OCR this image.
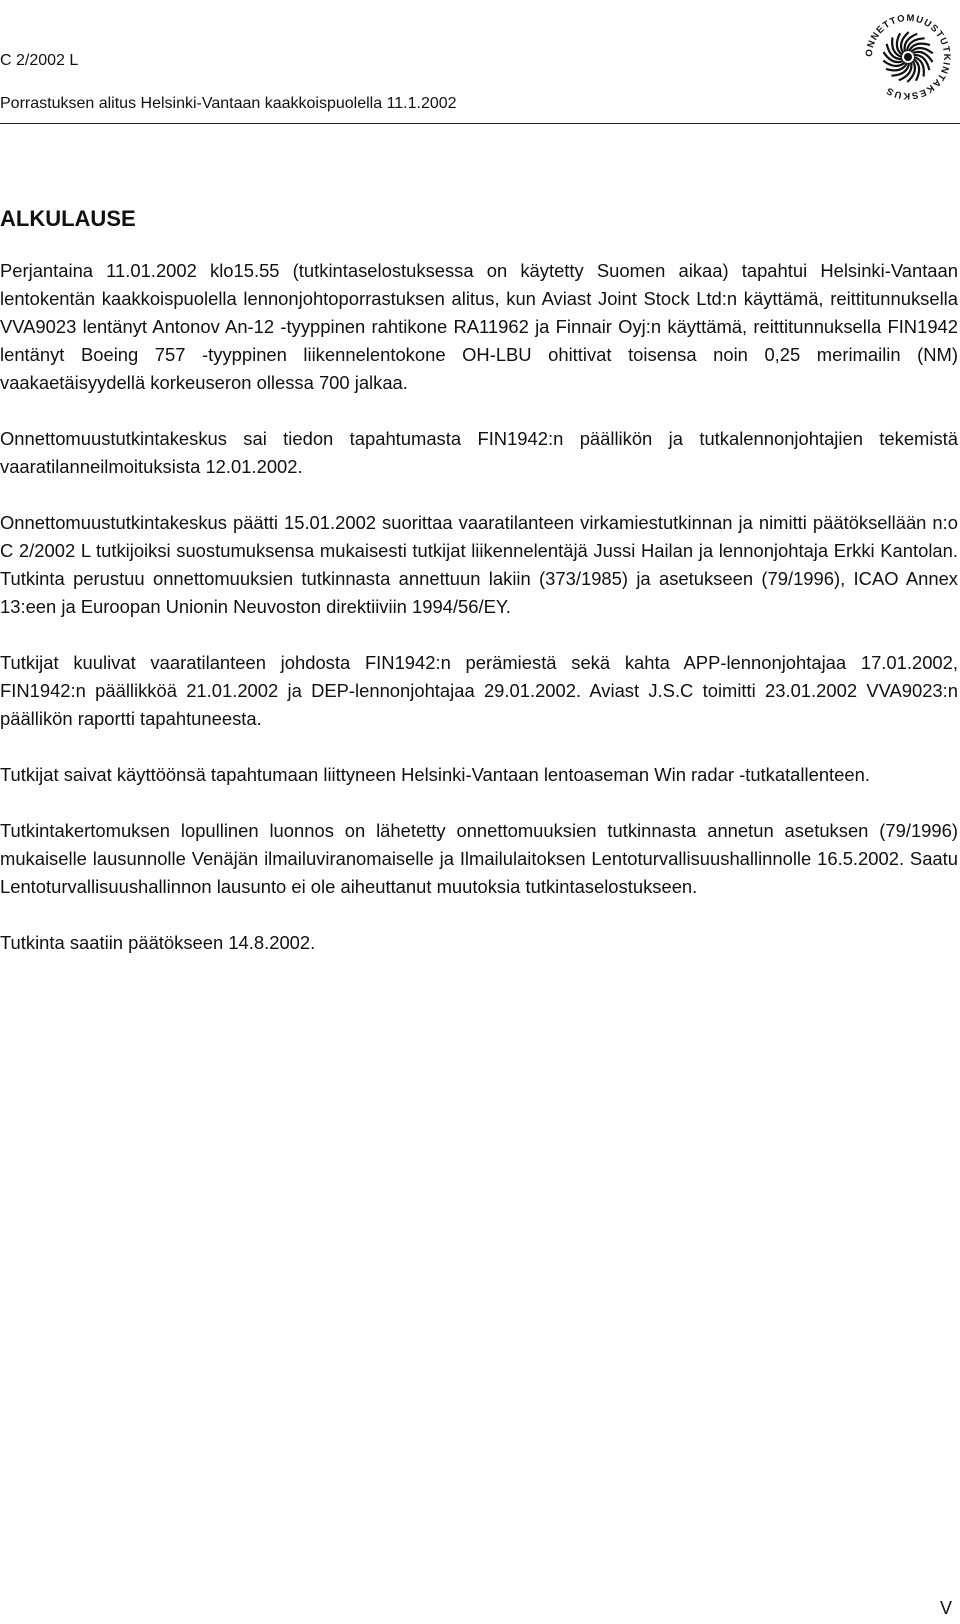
C 2/2002 L
Porrastuksen alitus Helsinki-Vantaan kaakkoispuolella 11.1.2002
ONNETTOMUUSTUTKINTAKESKUS
ALKULAUSE

Perjantaina 11.01.2002 klo15.55 (tutkintaselostuksessa on käytetty Suomen aikaa) tapahtui Helsinki-Vantaan lentokentän kaakkoispuolella lennonjohtoporrastuksen alitus, kun Aviast Joint Stock Ltd:n käyttämä, reittitunnuksella VVA9023 lentänyt Antonov An-12 -tyyppinen rahtikone RA11962 ja Finnair Oyj:n käyttämä, reittitunnuksella FIN1942 lentänyt Boeing 757 -tyyppinen liikennelentokone OH-LBU ohittivat toisensa noin 0,25 merimailin (NM) vaakaetäisyydellä korkeuseron ollessa 700 jalkaa.

Onnettomuustutkintakeskus sai tiedon tapahtumasta FIN1942:n päällikön ja tutkalennonjohtajien tekemistä vaaratilanneilmoituksista 12.01.2002.

Onnettomuustutkintakeskus päätti 15.01.2002 suorittaa vaaratilanteen virkamiestutkinnan ja nimitti päätöksellään n:o C 2/2002 L tutkijoiksi suostumuksensa mukaisesti tutkijat liikennelentäjä Jussi Hailan ja lennonjohtaja Erkki Kantolan. Tutkinta perustuu onnettomuuksien tutkinnasta annettuun lakiin (373/1985) ja asetukseen (79/1996), ICAO Annex 13:een ja Euroopan Unionin Neuvoston direktiiviin 1994/56/EY.

Tutkijat kuulivat vaaratilanteen johdosta FIN1942:n perämiestä sekä kahta APP-lennonjohtajaa 17.01.2002, FIN1942:n päällikköä 21.01.2002 ja DEP-lennonjohtajaa 29.01.2002. Aviast J.S.C toimitti 23.01.2002 VVA9023:n päällikön raportti tapahtuneesta.

Tutkijat saivat käyttöönsä tapahtumaan liittyneen Helsinki-Vantaan lentoaseman Win radar -tutkatallenteen.

Tutkintakertomuksen lopullinen luonnos on lähetetty onnettomuuksien tutkinnasta annetun asetuksen (79/1996) mukaiselle lausunnolle Venäjän ilmailuviranomaiselle ja Ilmailulaitoksen Lentoturvallisuushallinnolle 16.5.2002. Saatu Lentoturvallisuushallinnon lausunto ei ole aiheuttanut muutoksia tutkintaselostukseen.

Tutkinta saatiin päätökseen 14.8.2002.

V
